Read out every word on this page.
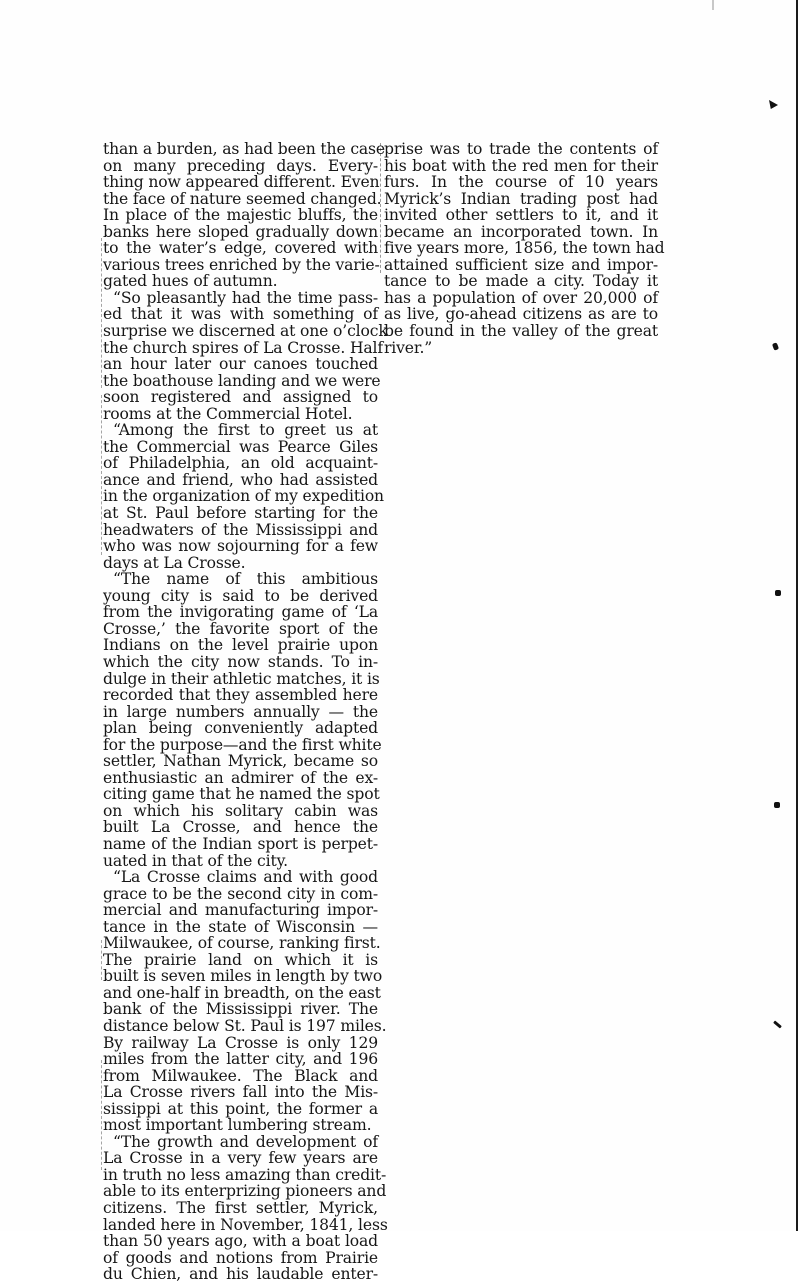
than a burden, as had been the case
on many preceding days. Every-
thing now appeared different. Even
the face of nature seemed changed.
In place of the majestic bluffs, the
banks here sloped gradually down
to the water’s edge, covered with
various trees enriched by the varie-
gated hues of autumn.
“So pleasantly had the time pass-
ed that it was with something of
surprise we discerned at one o’clock
the church spires of La Crosse. Half
an hour later our canoes touched
the boathouse landing and we were
soon registered and assigned to
rooms at the Commercial Hotel.
“Among the first to greet us at
the Commercial was Pearce Giles
of Philadelphia, an old acquaint-
ance and friend, who had assisted
in the organization of my expedition
at St. Paul before starting for the
headwaters of the Mississippi and
who was now sojourning for a few
days at La Crosse.
“The name of this ambitious
young city is said to be derived
from the invigorating game of ‘La
Crosse,’ the favorite sport of the
Indians on the level prairie upon
which the city now stands. To in-
dulge in their athletic matches, it is
recorded that they assembled here
in large numbers annually — the
plan being conveniently adapted
for the purpose—and the first white
settler, Nathan Myrick, became so
enthusiastic an admirer of the ex-
citing game that he named the spot
on which his solitary cabin was
built La Crosse, and hence the
name of the Indian sport is perpet-
uated in that of the city.
“La Crosse claims and with good
grace to be the second city in com-
mercial and manufacturing impor-
tance in the state of Wisconsin —
Milwaukee, of course, ranking first.
The prairie land on which it is
built is seven miles in length by two
and one-half in breadth, on the east
bank of the Mississippi river. The
distance below St. Paul is 197 miles.
By railway La Crosse is only 129
miles from the latter city, and 196
from Milwaukee. The Black and
La Crosse rivers fall into the Mis-
sissippi at this point, the former a
most important lumbering stream.
“The growth and development of
La Crosse in a very few years are
in truth no less amazing than credit-
able to its enterprizing pioneers and
citizens. The first settler, Myrick,
landed here in November, 1841, less
than 50 years ago, with a boat load
of goods and notions from Prairie
du Chien, and his laudable enter-
prise was to trade the contents of
his boat with the red men for their
furs. In the course of 10 years
Myrick’s Indian trading post had
invited other settlers to it, and it
became an incorporated town. In
five years more, 1856, the town had
attained sufficient size and impor-
tance to be made a city. Today it
has a population of over 20,000 of
as live, go-ahead citizens as are to
be found in the valley of the great
river.”
